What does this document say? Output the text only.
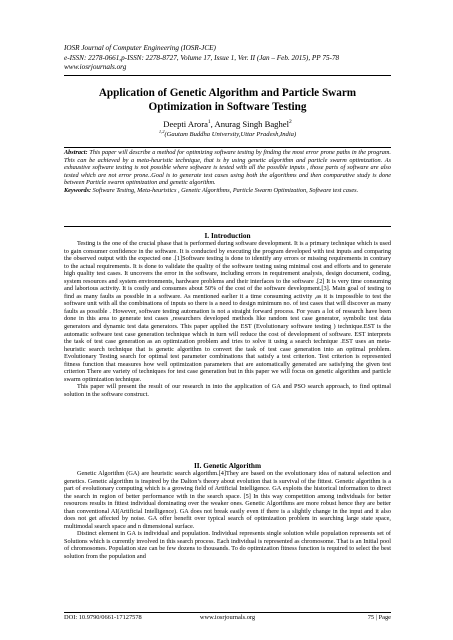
IOSR Journal of Computer Engineering (IOSR-JCE)
e-ISSN: 2278-0661,p-ISSN: 2278-8727, Volume 17, Issue 1, Ver. II (Jan – Feb. 2015), PP 75-78
www.iosrjournals.org
Application of Genetic Algorithm and Particle Swarm
Optimization in Software Testing
Deepti Arora$^1$, Anurag Singh Baghel$^2$
$^{1,2}$(Gautam Buddha University,Uttar Pradesh,India)
Abstract: This paper will describe a method for optimizing software testing by finding the most error prone paths in the program. This can be achieved by a meta-heuristic technique, that is by using genetic algorithm and particle swarm optimization. As exhaustive software testing is not possible where software is tested with all the possible inputs , those parts of software are also tested which are not error prone..Goal is to generate test cases using both the algorithms and then comparative study is done between Particle swarm optimization and genetic algorithm.
Keywords: Software Testing, Meta-heuristics , Genetic Algorithms, Particle Swarm Optimization, Software test cases.
I. Introduction

Testing is the one of the crucial phase that is performed during software development. It is a primary technique which is used to gain consumer confidence in the software. It is conducted by executing the program developed with test inputs and comparing the observed output with the expected one .[1]Software testing is done to identify any errors or missing requirements in contrary to the actual requirements. It is done to validate the quality of the software testing using minimal cost and efforts and to generate high quality test cases. It uncovers the error in the software, including errors in requirement analysis, design document, coding, system resources and system environments, hardware problems and their interfaces to the software .[2] It is very time consuming and laborious activity. It is costly and consumes about 50% of the cost of the software development.[3]. Main goal of testing to find as many faults as possible in a software. As mentioned earlier it a time consuming activity ,as it is impossible to test the software unit with all the combinations of inputs so there is a need to design minimum no. of test cases that will discover as many faults as possible . However, software testing automation is not a straight forward process. For years a lot of research have been done in this area to generate test cases ,researchers developed methods like random test case generator, symbolic test data generators and dynamic test data generators. This paper applied the EST (Evolutionary software testing ) technique.EST is the automatic software test case generation technique which in turn will reduce the cost of development of software. EST interprets the task of test case generation as an optimization problem and tries to solve it using a search technique .EST uses an meta-heuristic search technique that is genetic algorithm to convert the task of test case generation into an optimal problem. Evolutionary Testing search for optimal test parameter combinations that satisfy a test criterion. Test criterion is represented fitness function that measures how well optimization parameters that are automatically generated are satisfying the given test criterion There are variety of techniques for test case generation but in this paper we will focus on genetic algorithm and particle swarm optimization technique.

This paper will present the result of our research in into the application of GA and PSO search approach, to find optimal solution in the software construct.

II. Genetic Algorithm

Genetic Algorithm (GA) are heuristic search algorithm.[4]They are based on the evolutionary idea of natural selection and genetics. Genetic algorithm is inspired by the Dalton’s theory about evolution that is survival of the fittest. Genetic algorithm is a part of evolutionary computing which is a growing field of Artificial Intelligence. GA exploits the historical information to direct the search in region of better performance with in the search space. [5] In this way competition among individuals for better resources results in fittest individual dominating over the weaker ones. Genetic Algorithms are more robust hence they are better than conventional AI(Artificial Intelligence). GA does not break easily even if there is a slightly change in the input and it also does not get affected by noise. GA offer benefit over typical search of optimization problem in searching large state space, multimodal search space and n dimensional surface.

Distinct element in GA is individual and population. Individual represents single solution while population represents set of Solutions which is currently involved in this search process. Each individual is represented as chromosome. That is an Initial pool of chromosomes. Population size can be few dozens to thousands. To do optimization fitness function is required to select the best solution from the population and

DOI: 10.9790/0661-17127578	www.iosrjournals.org	75 | Page
